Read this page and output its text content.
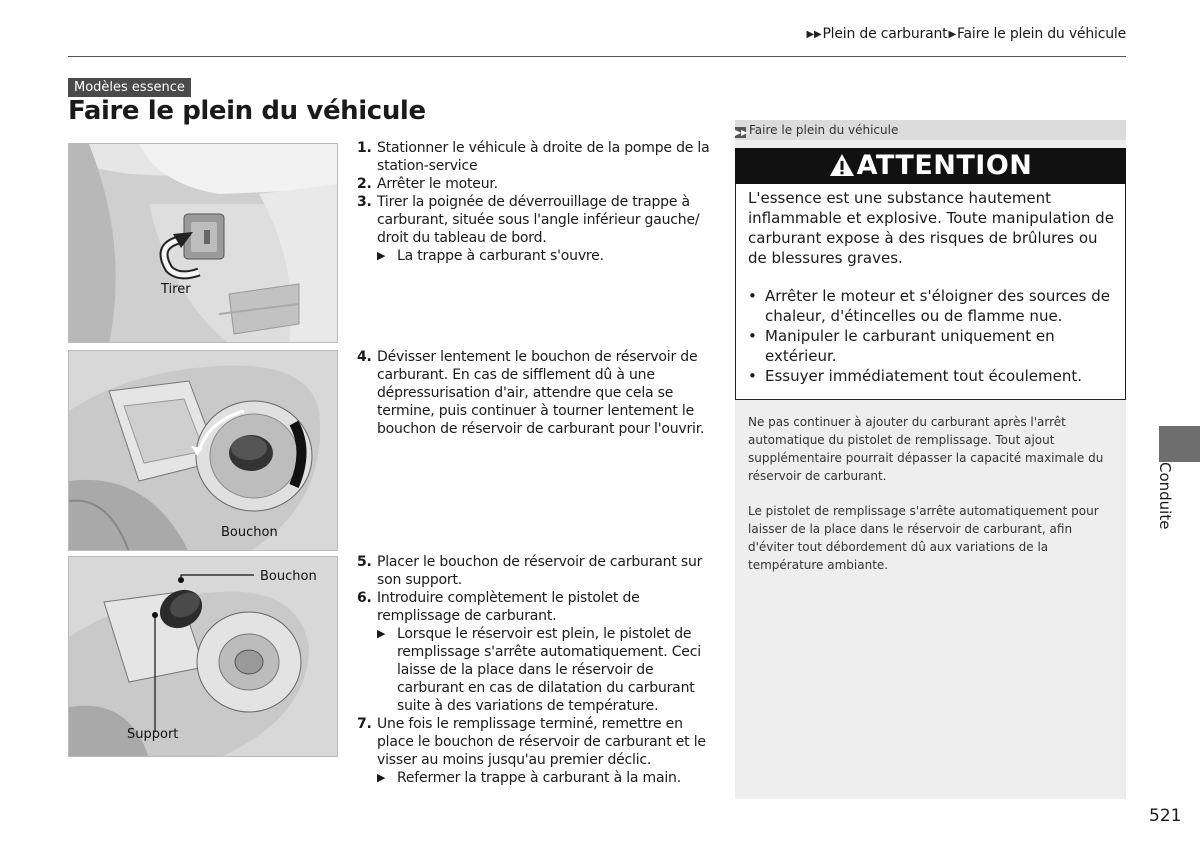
▶▶Plein de carburant▶Faire le plein du véhicule
Modèles essence
Faire le plein du véhicule
Tirer
Bouchon
Bouchon
Support
1. Stationner le véhicule à droite de la pompe de la station-service
2. Arrêter le moteur.
3. Tirer la poignée de déverrouillage de trappe à carburant, située sous l'angle inférieur gauche/ droit du tableau de bord.
▶ La trappe à carburant s'ouvre.
4. Dévisser lentement le bouchon de réservoir de carburant. En cas de sifflement dû à une dépressurisation d'air, attendre que cela se termine, puis continuer à tourner lentement le bouchon de réservoir de carburant pour l'ouvrir.
5. Placer le bouchon de réservoir de carburant sur son support.
6. Introduire complètement le pistolet de remplissage de carburant.
▶ Lorsque le réservoir est plein, le pistolet de remplissage s'arrête automatiquement. Ceci laisse de la place dans le réservoir de carburant en cas de dilatation du carburant suite à des variations de température.
7. Une fois le remplissage terminé, remettre en place le bouchon de réservoir de carburant et le visser au moins jusqu'au premier déclic.
▶ Refermer la trappe à carburant à la main.
▶▶ Faire le plein du véhicule
ATTENTION
L'essence est une substance hautement inflammable et explosive. Toute manipulation de carburant expose à des risques de brûlures ou de blessures graves.
• Arrêter le moteur et s'éloigner des sources de chaleur, d'étincelles ou de flamme nue.
• Manipuler le carburant uniquement en extérieur.
• Essuyer immédiatement tout écoulement.
Ne pas continuer à ajouter du carburant après l'arrêt automatique du pistolet de remplissage. Tout ajout supplémentaire pourrait dépasser la capacité maximale du réservoir de carburant.
Le pistolet de remplissage s'arrête automatiquement pour laisser de la place dans le réservoir de carburant, afin d'éviter tout débordement dû aux variations de la température ambiante.
Conduite
521
